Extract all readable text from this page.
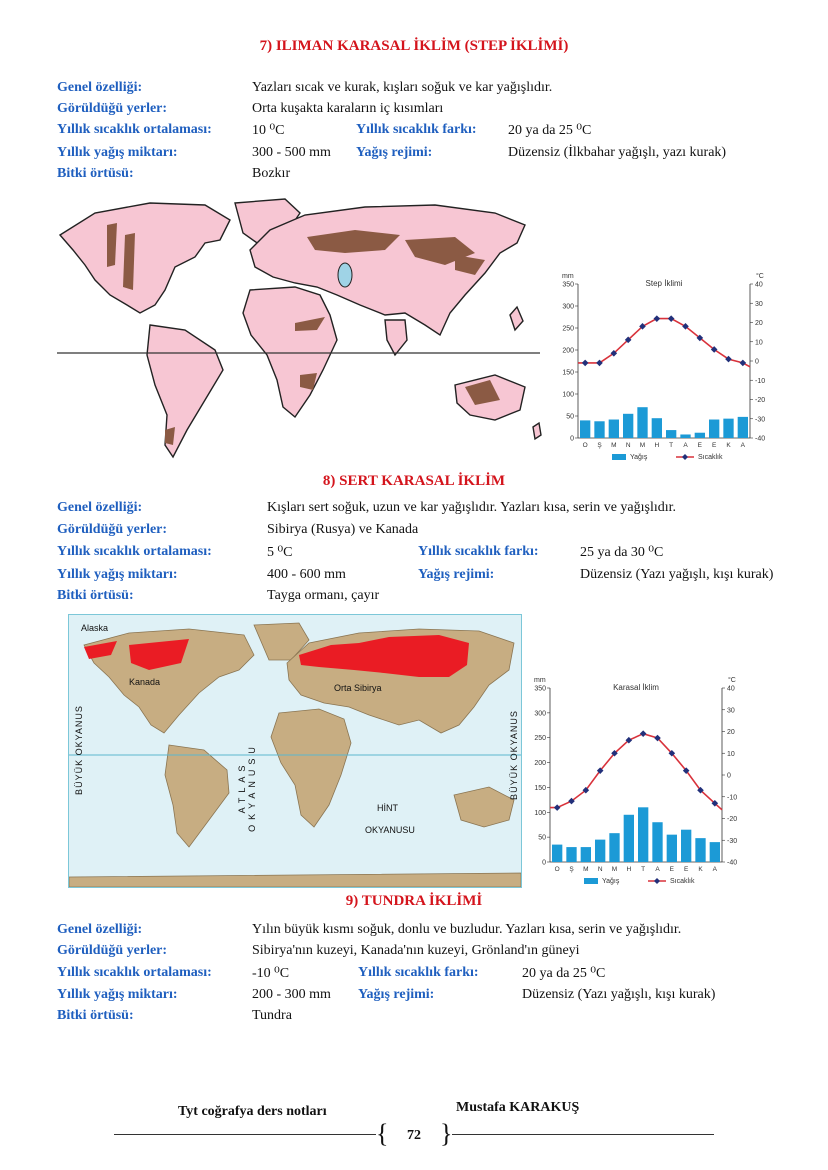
7) ILIMAN KARASAL İKLİM (STEP İKLİMİ)
Genel özelliği:	Yazları sıcak ve kurak, kışları soğuk ve kar yağışlıdır.
Görüldüğü yerler:	Orta kuşakta karaların iç kısımları
Yıllık sıcaklık ortalaması:	10 ⁰C	Yıllık sıcaklık farkı: 20 ya da 25 ⁰C
Yıllık yağış miktarı:	300 - 500 mm Yağış rejimi:	Düzensiz (İlkbahar yağışlı, yazı kurak)
Bitki örtüsü:	Bozkır
Step İklimi
mm	°C
0
50
100
150
200
250
300
350
-40
-30
-20
-10
0
10
20
30
40
O Ş M N M H T A E E K A
Yağış	Sıcaklık
8) SERT KARASAL İKLİM
Genel özelliği:	Kışları sert soğuk, uzun ve kar yağışlıdır. Yazları kısa, serin ve yağışlıdır.
Görüldüğü yerler:	Sibirya (Rusya) ve Kanada
Yıllık sıcaklık ortalaması:	5 ⁰C	Yıllık sıcaklık farkı:	25 ya da 30 ⁰C
Yıllık yağış miktarı:	400 - 600 mm	Yağış rejimi:	Düzensiz (Yazı yağışlı, kışı kurak)
Bitki örtüsü:	Tayga ormanı, çayır
Alaska
Kanada
Orta Sibirya
BÜYÜK OKYANUS	ATLAS OKYANUSU	BÜYÜK OKYANUS
HİNT
OKYANUSU
Karasal İklim
mm	°C
0
50
100
150
200
250
300
350
-40
-30
-20
-10
0
10
20
30
40
O Ş M N M H T A E E K A
Yağış	Sıcaklık
9) TUNDRA İKLİMİ
Genel özelliği:	Yılın büyük kısmı soğuk, donlu ve buzludur. Yazları kısa, serin ve yağışlıdır.
Görüldüğü yerler:	Sibirya'nın kuzeyi, Kanada'nın kuzeyi, Grönland'ın güneyi
Yıllık sıcaklık ortalaması:	-10 ⁰C	Yıllık sıcaklık farkı:	20 ya da 25 ⁰C
Yıllık yağış miktarı:	200 - 300 mm Yağış rejimi:	Düzensiz (Yazı yağışlı, kışı kurak)
Bitki örtüsü:	Tundra
Tyt coğrafya ders notları	Mustafa KARAKUŞ
{ }
72
